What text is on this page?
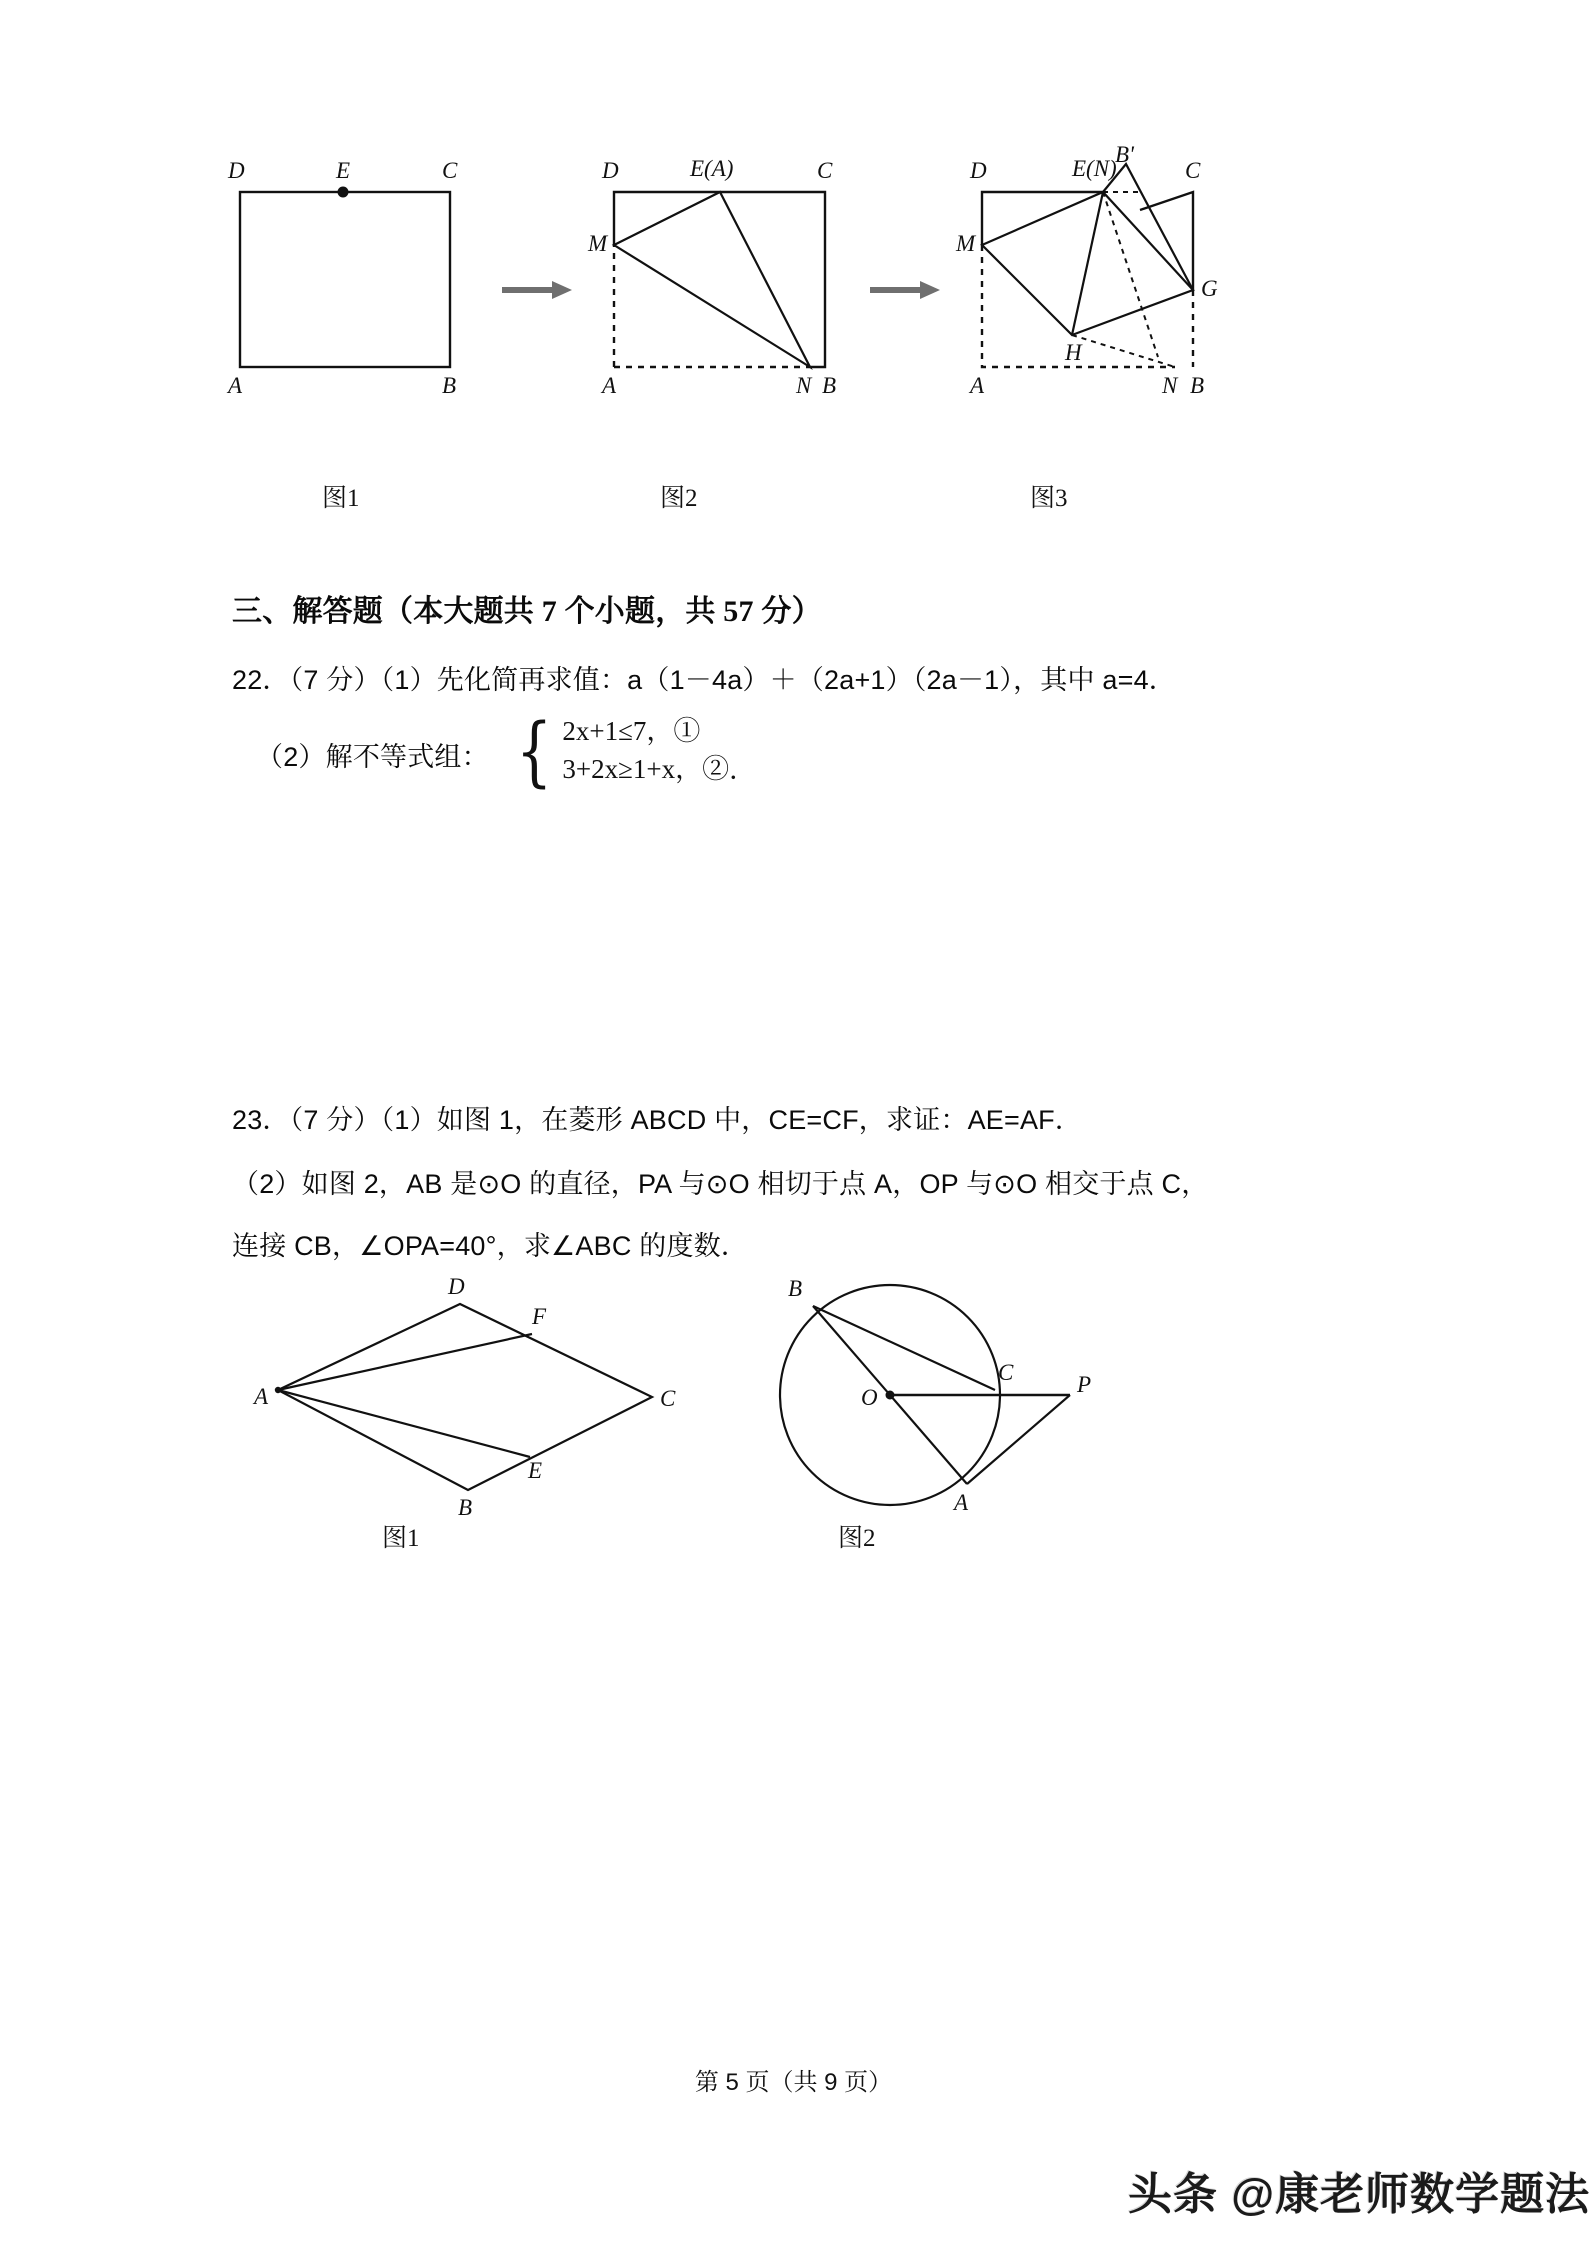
D	E	C
A	B
D	E(A)	C
M
A	N B
B'
D	E(N)	C
M
G
H
A	N B
图1	图2	图3
三、解答题（本大题共 7 个小题，共 57 分）
22．（7 分）（1）先化简再求值：a（1－4a）＋（2a+1）（2a－1），其中 a=4．
（2）解不等式组： { 2x+1≤7，①
3+2x≥1+x，② ．
23．（7 分）（1）如图 1，在菱形 ABCD 中，CE=CF，求证：AE=AF．
（2）如图 2，AB 是⊙O 的直径，PA 与⊙O 相切于点 A，OP 与⊙O 相交于点 C，
连接 CB，∠OPA=40°，求∠ABC 的度数．
D
F
A	C
E
B
图1
B
O
C	P
A
图2
第 5 页（共 9 页）
头条 @康老师数学题法
